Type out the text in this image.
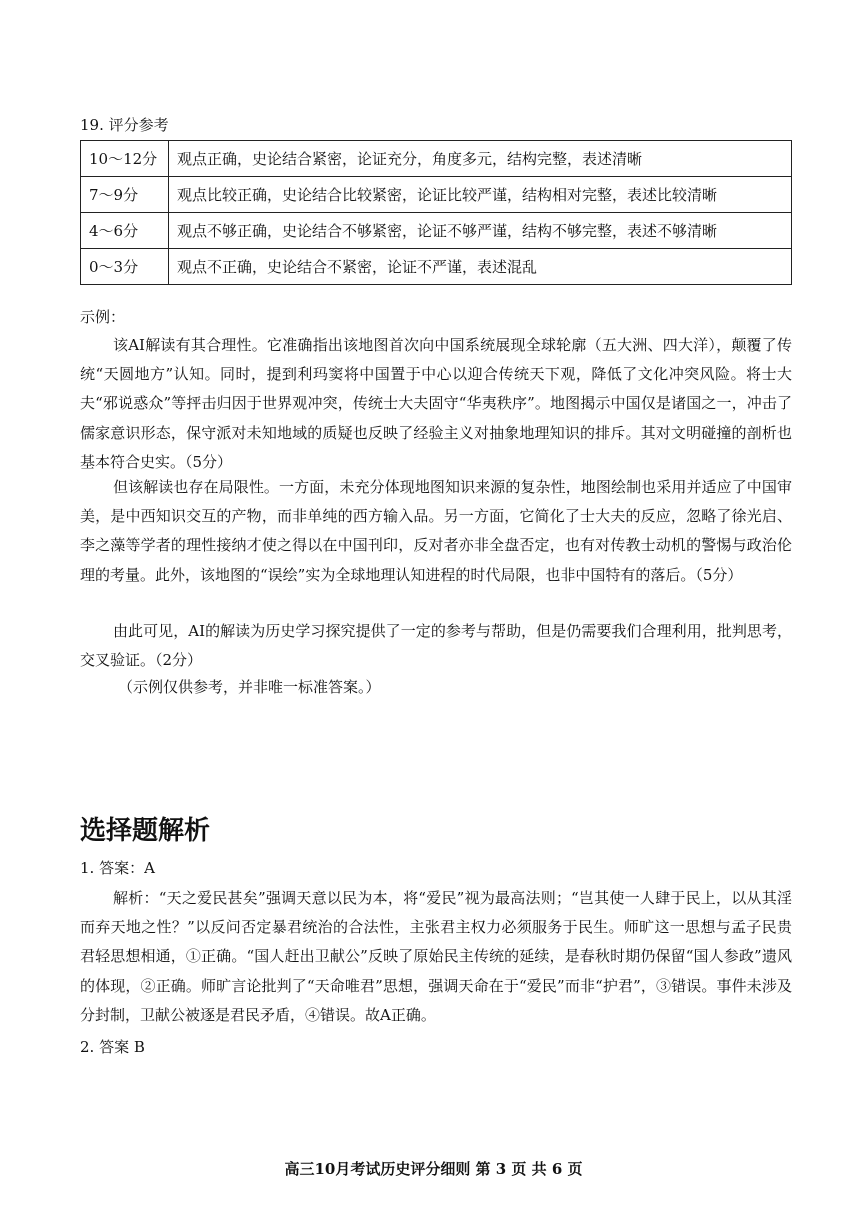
19. 评分参考
10～12分	观点正确，史论结合紧密，论证充分，角度多元，结构完整，表述清晰
7～9分	观点比较正确，史论结合比较紧密，论证比较严谨，结构相对完整，表述比较清晰
4～6分	观点不够正确，史论结合不够紧密，论证不够严谨，结构不够完整，表述不够清晰
0～3分	观点不正确，史论结合不紧密，论证不严谨，表述混乱
示例：

该AI解读有其合理性。它准确指出该地图首次向中国系统展现全球轮廓（五大洲、四大洋），颠覆了传统“天圆地方”认知。同时，提到利玛窦将中国置于中心以迎合传统天下观，降低了文化冲突风险。将士大夫“邪说惑众”等抨击归因于世界观冲突，传统士大夫固守“华夷秩序”。地图揭示中国仅是诸国之一，冲击了儒家意识形态，保守派对未知地域的质疑也反映了经验主义对抽象地理知识的排斥。其对文明碰撞的剖析也基本符合史实。（5分）

但该解读也存在局限性。一方面，未充分体现地图知识来源的复杂性，地图绘制也采用并适应了中国审美，是中西知识交互的产物，而非单纯的西方输入品。另一方面，它简化了士大夫的反应，忽略了徐光启、李之藻等学者的理性接纳才使之得以在中国刊印，反对者亦非全盘否定，也有对传教士动机的警惕与政治伦理的考量。此外，该地图的“误绘”实为全球地理认知进程的时代局限，也非中国特有的落后。（5分）

由此可见，AI的解读为历史学习探究提供了一定的参考与帮助，但是仍需要我们合理利用，批判思考，交叉验证。（2分）

（示例仅供参考，并非唯一标准答案。）
选择题解析
1. 答案：A

解析：“天之爱民甚矣”强调天意以民为本，将“爱民”视为最高法则；“岂其使一人肆于民上，以从其淫而弃天地之性？”以反问否定暴君统治的合法性，主张君主权力必须服务于民生。师旷这一思想与孟子民贵君轻思想相通，①正确。“国人赶出卫献公”反映了原始民主传统的延续，是春秋时期仍保留“国人参政”遗风的体现，②正确。师旷言论批判了“天命唯君”思想，强调天命在于“爱民”而非“护君”，③错误。事件未涉及分封制，卫献公被逐是君民矛盾，④错误。故A正确。

2. 答案 B
高三10月考试历史评分细则 第 3 页 共 6 页
